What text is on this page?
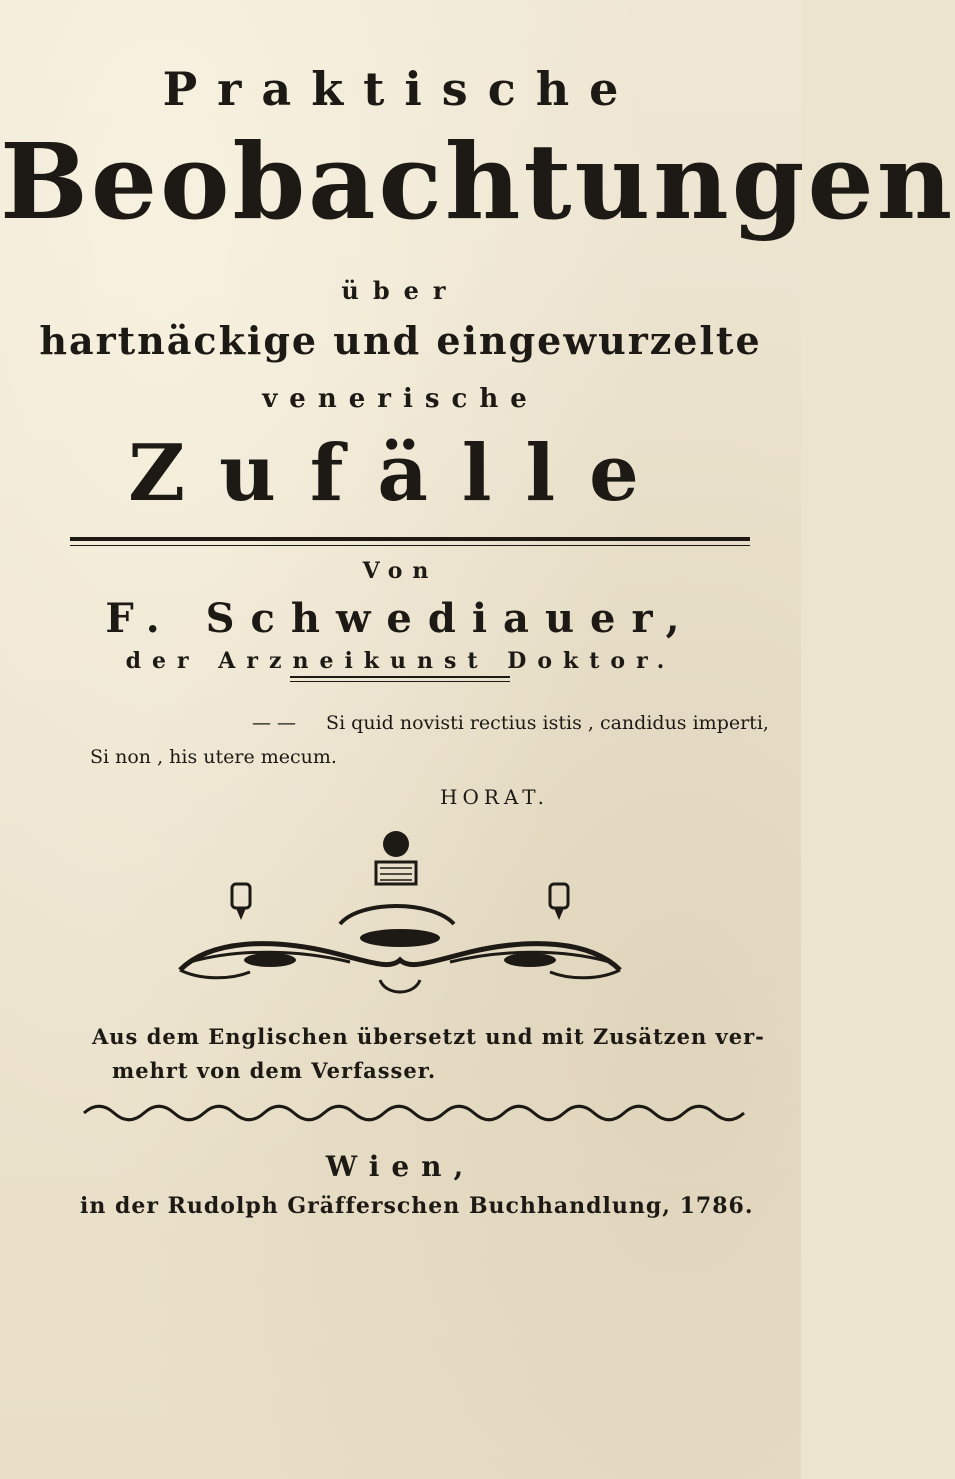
Praktische
Beobachtungen
über
hartnäckige und eingewurzelte
venerische
Zufälle
Von
F. Schwediauer,
der Arzneikunst Doktor.
— — Si quid novisti rectius istis , candidus imperti,
Si non , his utere mecum.
HORAT.
Aus dem Englischen übersetzt und mit Zusätzen ver-
mehrt von dem Verfasser.
Wien,
in der Rudolph Gräfferschen Buchhandlung, 1786.
